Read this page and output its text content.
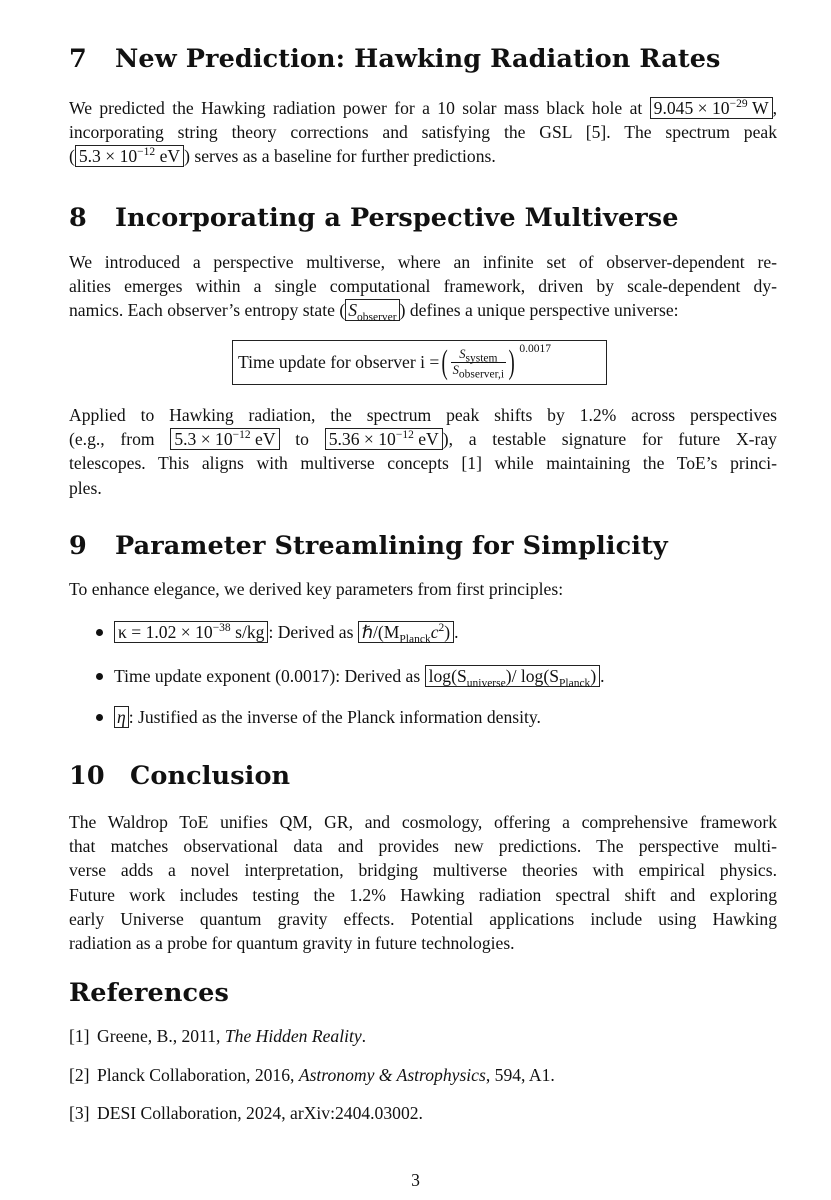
7 New Prediction: Hawking Radiation Rates
We predicted the Hawking radiation power for a 10 solar mass black hole at $9.045 \times 10^{-29}$ W ,
incorporating string theory corrections and satisfying the GSL [5]. The spectrum peak
( $5.3 \times 10^{-12}$ eV ) serves as a baseline for further predictions.
8 Incorporating a Perspective Multiverse
We introduced a perspective multiverse, where an infinite set of observer-dependent re-
alities emerges within a single computational framework, driven by scale-dependent dy-
namics. Each observer’s entropy state ( $S_{observer}$ ) defines a unique perspective universe:
Time update for observer i = ( $\frac{S_{system}}{S_{observer,i}}$ ) 0.0017
Applied to Hawking radiation, the spectrum peak shifts by 1.2% across perspectives
(e.g., from $5.3 \times 10^{-12}$ eV to $5.36 \times 10^{-12}$ eV ), a testable signature for future X-ray
telescopes. This aligns with multiverse concepts [1] while maintaining the ToE’s princi-
ples.
9 Parameter Streamlining for Simplicity

To enhance elegance, we derived key parameters from first principles:

$\kappa = 1.02 \times 10^{-38}$ s/kg : Derived as $\hbar/(M_{Planck}c^2)$ .

Time update exponent (0.0017): Derived as $\log(S_{universe})/$ $\log(S_{Planck})$ .

η : Justified as the inverse of the Planck information density.

10 Conclusion
The Waldrop ToE unifies QM, GR, and cosmology, offering a comprehensive framework
that matches observational data and provides new predictions. The perspective multi-
verse adds a novel interpretation, bridging multiverse theories with empirical physics.
Future work includes testing the 1.2% Hawking radiation spectral shift and exploring
early Universe quantum gravity effects. Potential applications include using Hawking
radiation as a probe for quantum gravity in future technologies.
References

[1] Greene, B., 2011, The Hidden Reality.

[2] Planck Collaboration, 2016, Astronomy & Astrophysics, 594, A1.

[3] DESI Collaboration, 2024, arXiv:2404.03002.

3
